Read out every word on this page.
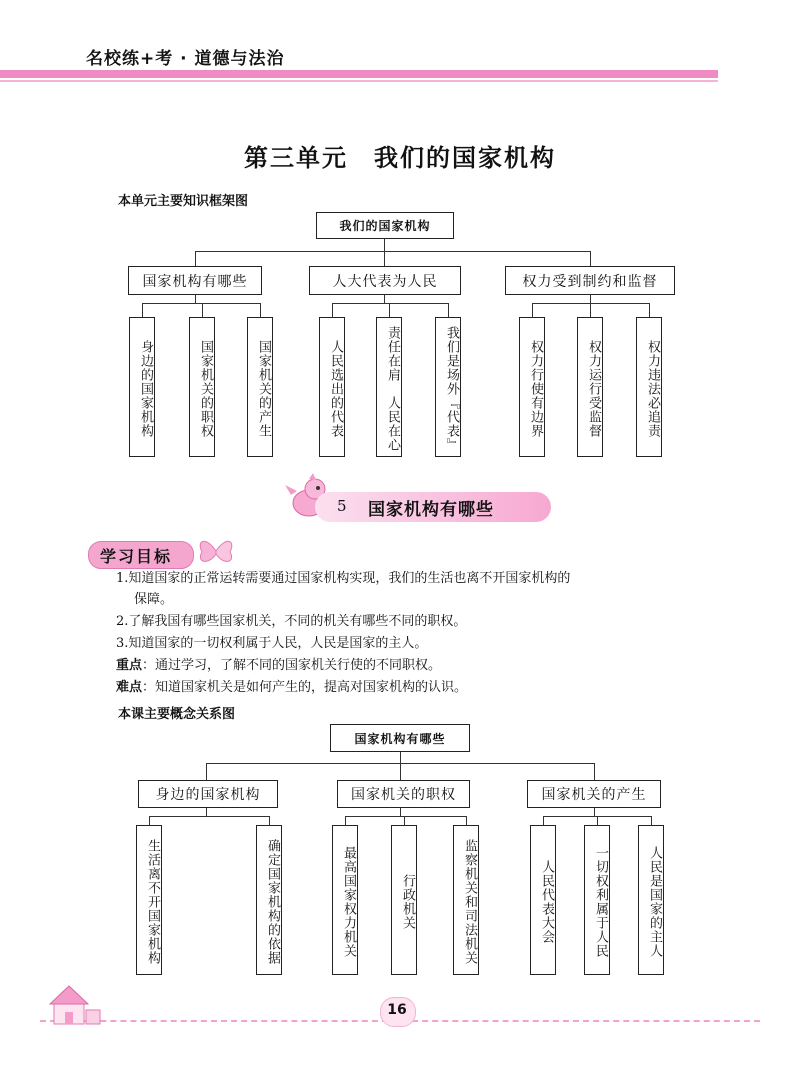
名校练+考 · 道德与法治
第三单元　我们的国家机构
本单元主要知识框架图
我们的国家机构
国家机构有哪些	人大代表为人民	权力受到制约和监督
身边的国家机构	国家机关的职权	国家机关的产生	人民选出的代表	责任在肩　人民在心	我们是场外『代表』	权力行使有边界	权力运行受监督	权力违法必追责
5 国家机构有哪些
学习目标
1.知道国家的正常运转需要通过国家机构实现，我们的生活也离不开国家机构的
保障。
2.了解我国有哪些国家机关，不同的机关有哪些不同的职权。
3.知道国家的一切权利属于人民，人民是国家的主人。
重点：通过学习，了解不同的国家机关行使的不同职权。
难点：知道国家机关是如何产生的，提高对国家机构的认识。
本课主要概念关系图
国家机构有哪些
身边的国家机构	国家机关的职权	国家机关的产生
生活离不开国家机构	确定国家机构的依据	最高国家权力机关	行政机关	监察机关和司法机关	人民代表大会	一切权利属于人民	人民是国家的主人
16
